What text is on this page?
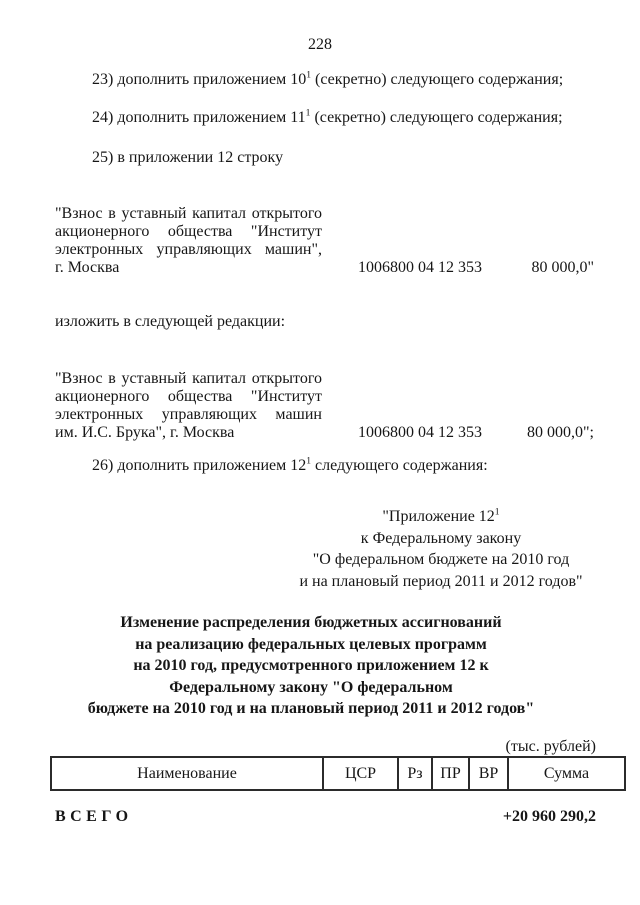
228
23) дополнить приложением $10^1$ (секретно) следующего содержания;
24) дополнить приложением $11^1$ (секретно) следующего содержания;
25) в приложении 12 строку
"Взнос в уставный капитал открытого
акционерного общества "Институт
электронных управляющих машин",
г. Москва	1006800 04 12 353	80 000,0"
изложить в следующей редакции:
"Взнос в уставный капитал открытого
акционерного общества "Институт
электронных управляющих машин
им. И.С. Брука", г. Москва	1006800 04 12 353	80 000,0";
26) дополнить приложением $12^1$ следующего содержания:
"Приложение $12^1$
к Федеральному закону
"О федеральном бюджете на 2010 год
и на плановый период 2011 и 2012 годов"
Изменение распределения бюджетных ассигнований
на реализацию федеральных целевых программ
на 2010 год, предусмотренного приложением 12 к
Федеральному закону "О федеральном
бюджете на 2010 год и на плановый период 2011 и 2012 годов"
(тыс. рублей)
Наименование	ЦСР	Рз	ПР	ВР	Сумма
ВСЕГО	+20 960 290,2
